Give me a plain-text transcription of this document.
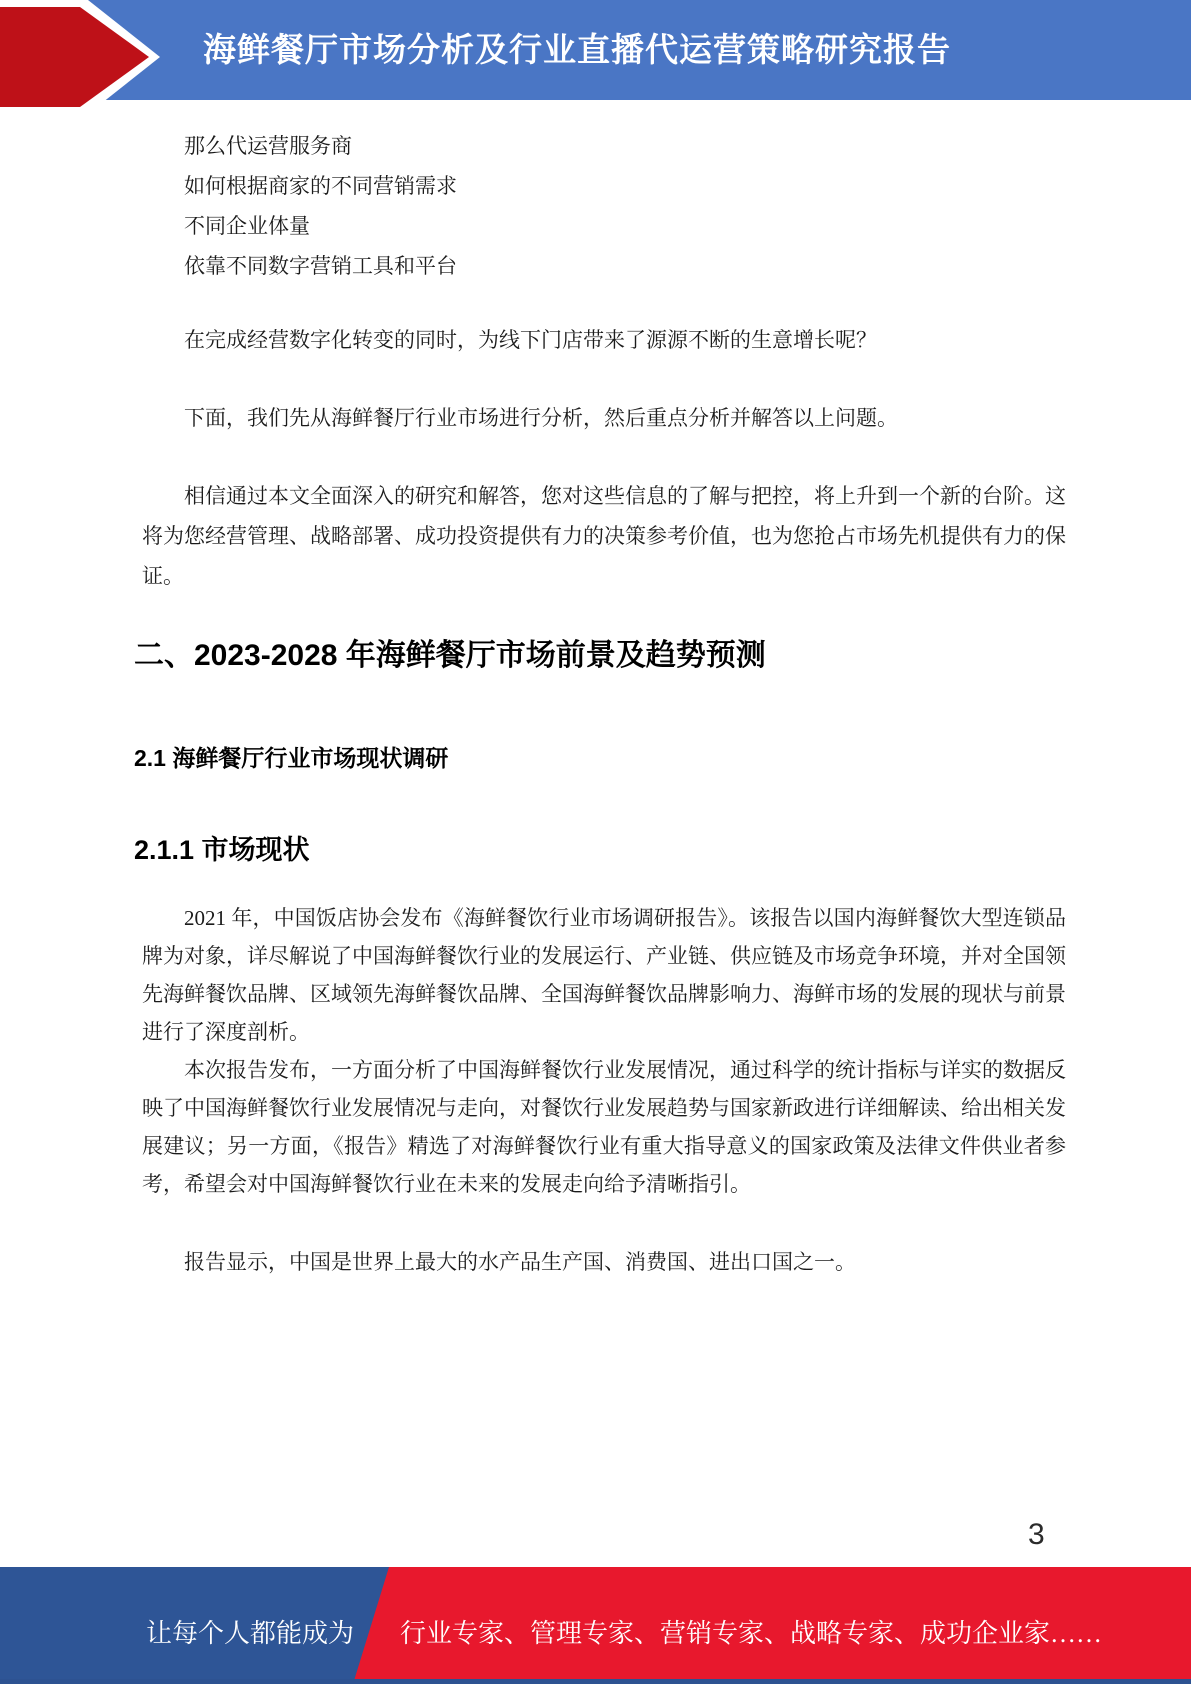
海鲜餐厅市场分析及行业直播代运营策略研究报告

那么代运营服务商

如何根据商家的不同营销需求

不同企业体量

依靠不同数字营销工具和平台

在完成经营数字化转变的同时，为线下门店带来了源源不断的生意增长呢？
下面，我们先从海鲜餐厅行业市场进行分析，然后重点分析并解答以上问题。
相信通过本文全面深入的研究和解答，您对这些信息的了解与把控，将上升到一个新的台阶。这将为您经营管理、战略部署、成功投资提供有力的决策参考价值，也为您抢占市场先机提供有力的保证。
二、2023-2028 年海鲜餐厅市场前景及趋势预测
2.1 海鲜餐厅行业市场现状调研
2.1.1 市场现状

2021 年，中国饭店协会发布《海鲜餐饮行业市场调研报告》。该报告以国内海鲜餐饮大型连锁品牌为对象，详尽解说了中国海鲜餐饮行业的发展运行、产业链、供应链及市场竞争环境，并对全国领先海鲜餐饮品牌、区域领先海鲜餐饮品牌、全国海鲜餐饮品牌影响力、海鲜市场的发展的现状与前景进行了深度剖析。

本次报告发布，一方面分析了中国海鲜餐饮行业发展情况，通过科学的统计指标与详实的数据反映了中国海鲜餐饮行业发展情况与走向，对餐饮行业发展趋势与国家新政进行详细解读、给出相关发展建议；另一方面，《报告》精选了对海鲜餐饮行业有重大指导意义的国家政策及法律文件供业者参考，希望会对中国海鲜餐饮行业在未来的发展走向给予清晰指引。

报告显示，中国是世界上最大的水产品生产国、消费国、进出口国之一。
3
让每个人都能成为 行业专家、管理专家、营销专家、战略专家、成功企业家……
